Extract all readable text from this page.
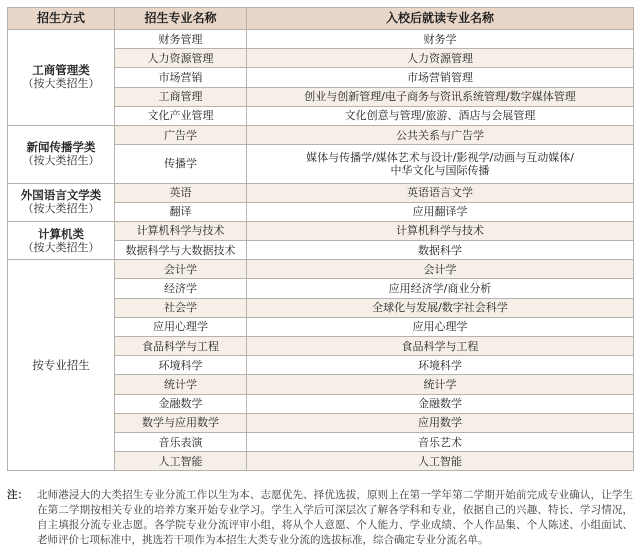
招生方式	招生专业名称	入校后就读专业名称

工商管理类
（按大类招生）	财务管理	财务学
	人力资源管理	人力资源管理
	市场营销	市场营销管理
	工商管理	创业与创新管理/电子商务与资讯系统管理/数字媒体管理
	文化产业管理	文化创意与管理/旅游、酒店与会展管理

新闻传播学类
（按大类招生）	广告学	公共关系与广告学
	传播学	媒体与传播学/媒体艺术与设计/影视学/动画与互动媒体/
中华文化与国际传播

外国语言文学类
（按大类招生）	英语	英语语言文学
	翻译	应用翻译学

计算机类
（按大类招生）	计算机科学与技术	计算机科学与技术
	数据科学与大数据技术	数据科学

按专业招生	会计学	会计学
	经济学	应用经济学/商业分析
	社会学	全球化与发展/数字社会科学
	应用心理学	应用心理学
	食品科学与工程	食品科学与工程
	环境科学	环境科学
	统计学	统计学
	金融数学	金融数学
	数学与应用数学	应用数学
	音乐表演	音乐艺术
	人工智能	人工智能
注： 北师港浸大的大类招生专业分流工作以生为本、志愿优先、择优选拔，原则上在第一学年第二学期开始前完成专业确认，让学生在第二学期按相关专业的培养方案开始专业学习。学生入学后可深层次了解各学科和专业，依据自己的兴趣、特长、学习情况，自主填报分流专业志愿。各学院专业分流评审小组，将从个人意愿、个人能力、学业成绩、个人作品集、个人陈述、小组面试、老师评价七项标准中，挑选若干项作为本招生大类专业分流的选拔标准，综合确定专业分流名单。
